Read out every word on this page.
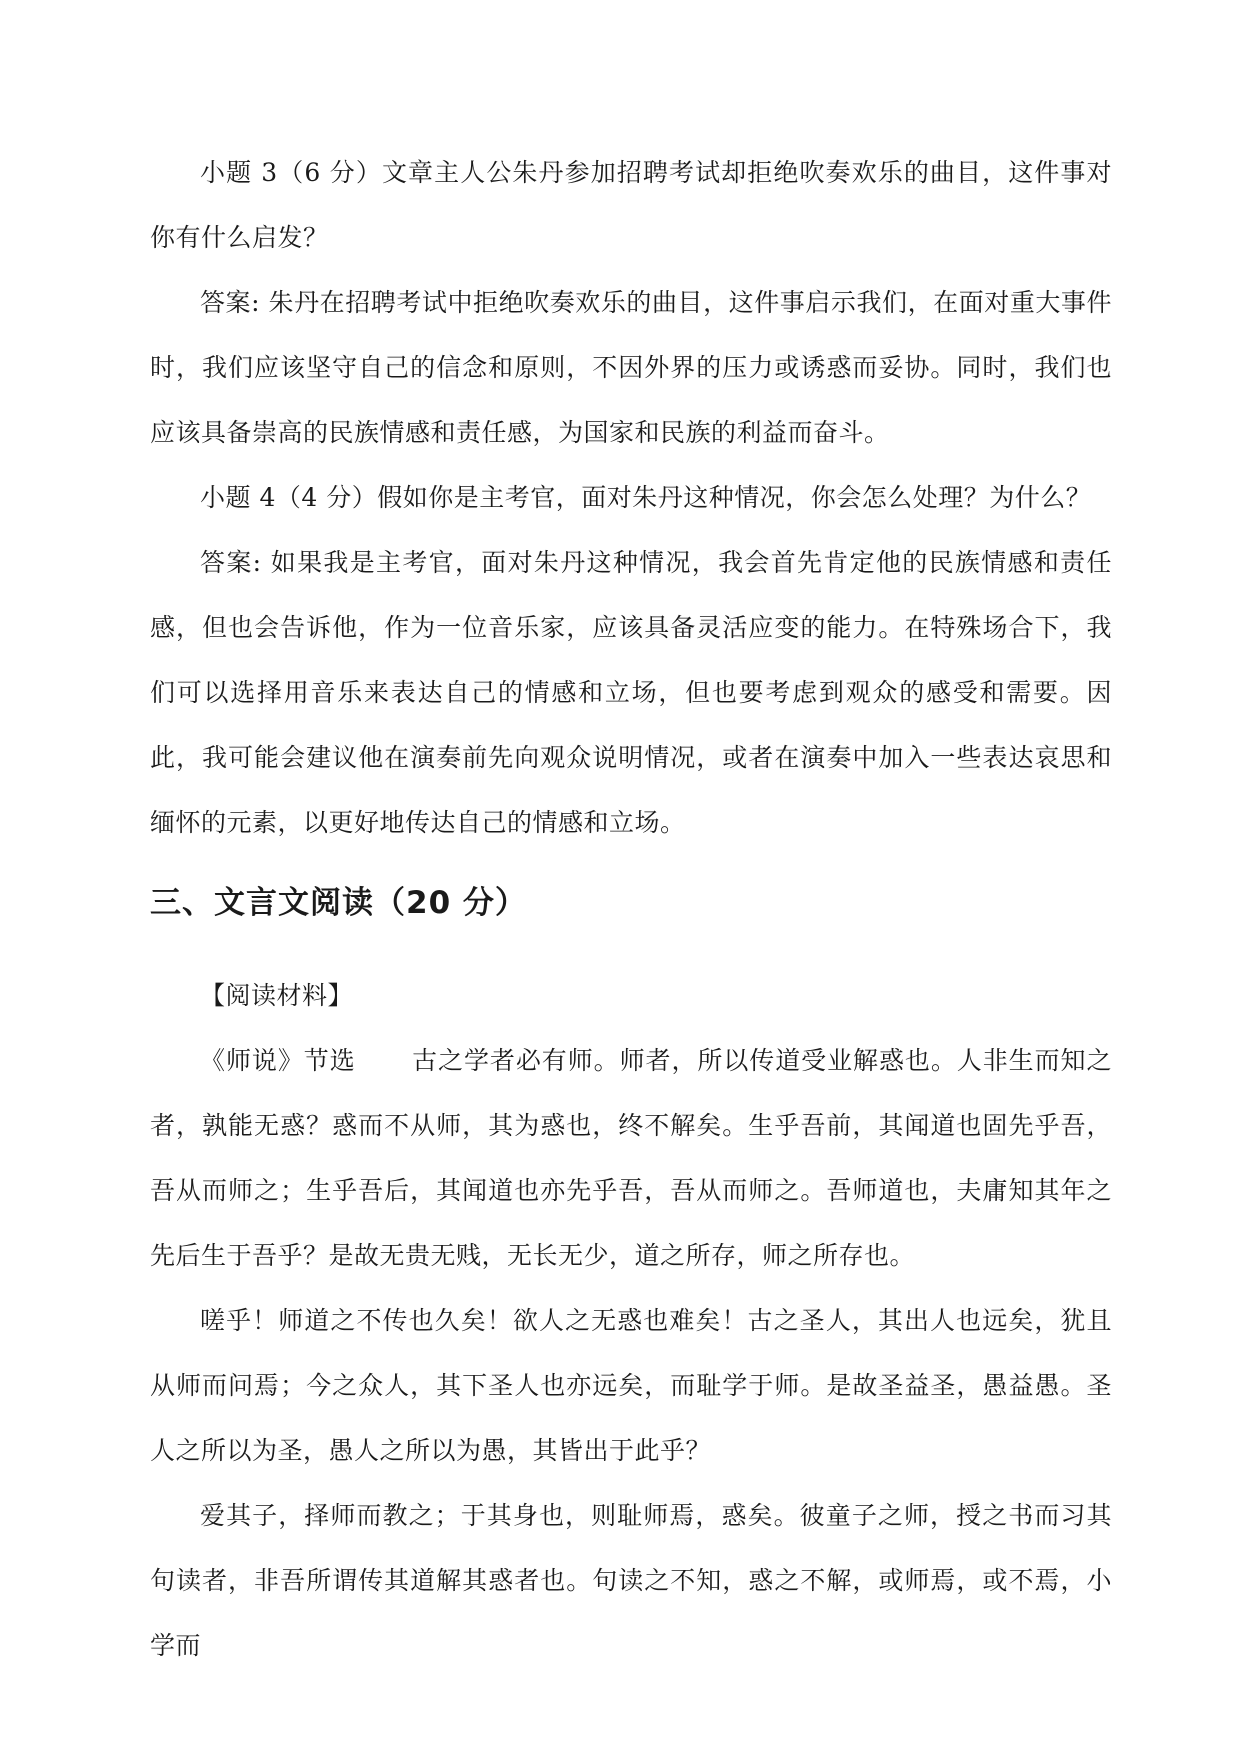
小题 3（6 分）文章主人公朱丹参加招聘考试却拒绝吹奏欢乐的曲目，这件事对你有什么启发？

答案: 朱丹在招聘考试中拒绝吹奏欢乐的曲目，这件事启示我们，在面对重大事件时，我们应该坚守自己的信念和原则，不因外界的压力或诱惑而妥协。同时，我们也应该具备崇高的民族情感和责任感，为国家和民族的利益而奋斗。

小题 4（4 分）假如你是主考官，面对朱丹这种情况，你会怎么处理？为什么？

答案: 如果我是主考官，面对朱丹这种情况，我会首先肯定他的民族情感和责任感，但也会告诉他，作为一位音乐家，应该具备灵活应变的能力。在特殊场合下，我们可以选择用音乐来表达自己的情感和立场，但也要考虑到观众的感受和需要。因此，我可能会建议他在演奏前先向观众说明情况，或者在演奏中加入一些表达哀思和缅怀的元素，以更好地传达自己的情感和立场。

三、文言文阅读（20 分）

【阅读材料】

《师说》节选 古之学者必有师。师者，所以传道受业解惑也。人非生而知之者，孰能无惑？惑而不从师，其为惑也，终不解矣。生乎吾前，其闻道也固先乎吾，吾从而师之；生乎吾后，其闻道也亦先乎吾，吾从而师之。吾师道也，夫庸知其年之先后生于吾乎？是故无贵无贱，无长无少，道之所存，师之所存也。

嗟乎！师道之不传也久矣！欲人之无惑也难矣！古之圣人，其出人也远矣，犹且从师而问焉；今之众人，其下圣人也亦远矣，而耻学于师。是故圣益圣，愚益愚。圣人之所以为圣，愚人之所以为愚，其皆出于此乎？

爱其子，择师而教之；于其身也，则耻师焉，惑矣。彼童子之师，授之书而习其句读者，非吾所谓传其道解其惑者也。句读之不知，惑之不解，或师焉，或不焉，小学而
